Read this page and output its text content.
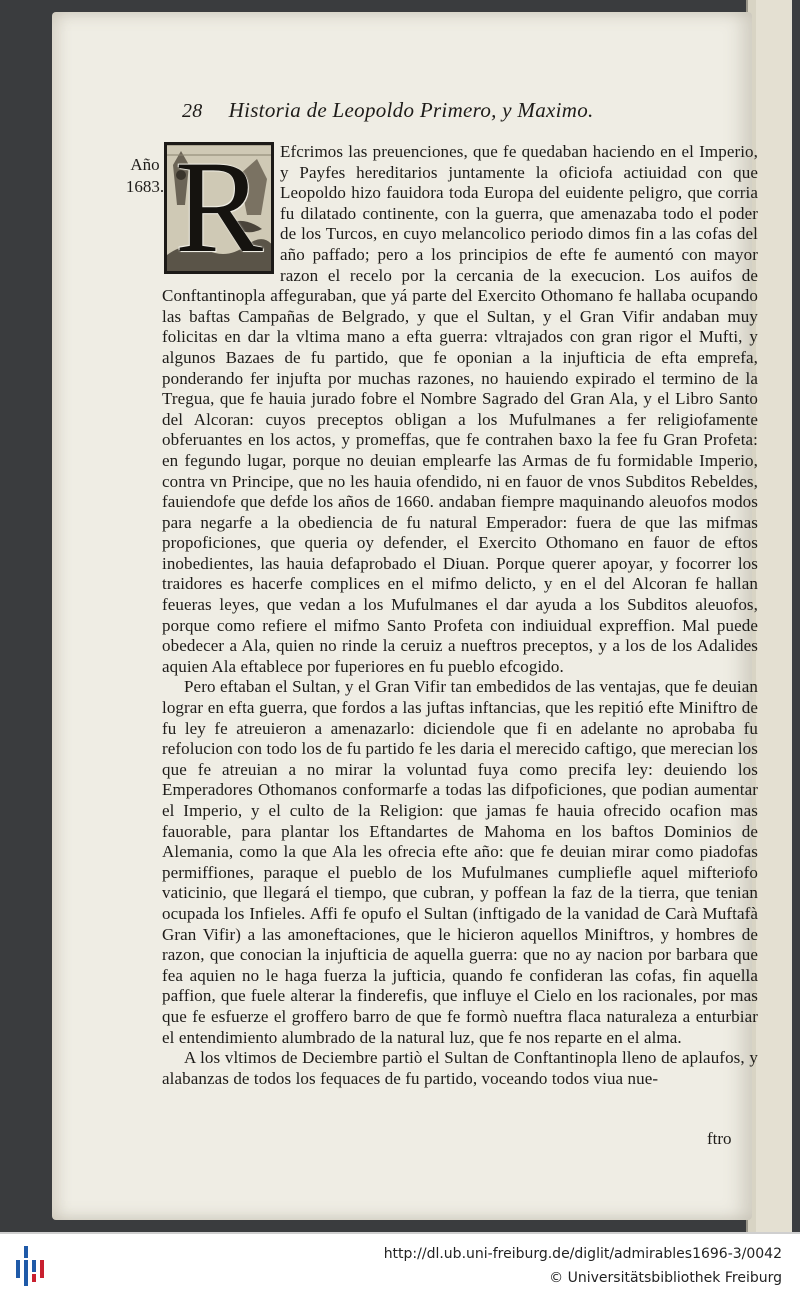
28 Historia de Leopoldo Primero, y Maximo.
Año
1683.

Efcrimos las preuenciones, que fe quedaban haciendo en el Imperio, y Payfes hereditarios juntamente la oficiofa actiuidad con que Leopoldo hizo fauidora toda Europa del euidente peligro, que corria fu dilatado continente, con la guerra, que amenazaba todo el poder de los Turcos, en cuyo melancolico periodo dimos fin a las cofas del año paffado; pero a los principios de efte fe aumentó con mayor razon el recelo por la cercania de la execucion. Los auifos de Conftantinopla affeguraban, que yá parte del Exercito Othomano fe hallaba ocupando las baftas Campañas de Belgrado, y que el Sultan, y el Gran Vifir andaban muy folicitas en dar la vltima mano a efta guerra: vltrajados con gran rigor el Mufti, y algunos Bazaes de fu partido, que fe oponian a la injufticia de efta emprefa, ponderando fer injufta por muchas razones, no hauiendo expirado el termino de la Tregua, que fe hauia jurado fobre el Nombre Sagrado del Gran Ala, y el Libro Santo del Alcoran: cuyos preceptos obligan a los Mufulmanes a fer religiofamente obferuantes en los actos, y promeffas, que fe contrahen baxo la fee fu Gran Profeta: en fegundo lugar, porque no deuian emplearfe las Armas de fu formidable Imperio, contra vn Principe, que no les hauia ofendido, ni en fauor de vnos Subditos Rebeldes, fauiendofe que defde los años de 1660. andaban fiempre maquinando aleuofos modos para negarfe a la obediencia de fu natural Emperador: fuera de que las mifmas propoficiones, que queria oy defender, el Exercito Othomano en fauor de eftos inobedientes, las hauia defaprobado el Diuan. Porque querer apoyar, y focorrer los traidores es hacerfe complices en el mifmo delicto, y en el del Alcoran fe hallan feueras leyes, que vedan a los Mufulmanes el dar ayuda a los Subditos aleuofos, porque como refiere el mifmo Santo Profeta con indiuidual expreffion. Mal puede obedecer a Ala, quien no rinde la ceruiz a nueftros preceptos, y a los de los Adalides aquien Ala eftablece por fuperiores en fu pueblo efcogido.

Pero eftaban el Sultan, y el Gran Vifir tan embedidos de las ventajas, que fe deuian lograr en efta guerra, que fordos a las juftas inftancias, que les repitió efte Miniftro de fu ley fe atreuieron a amenazarlo: diciendole que fi en adelante no aprobaba fu refolucion con todo los de fu partido fe les daria el merecido caftigo, que merecian los que fe atreuian a no mirar la voluntad fuya como precifa ley: deuiendo los Emperadores Othomanos conformarfe a todas las difpoficiones, que podian aumentar el Imperio, y el culto de la Religion: que jamas fe hauia ofrecido ocafion mas fauorable, para plantar los Eftandartes de Mahoma en los baftos Dominios de Alemania, como la que Ala les ofrecia efte año: que fe deuian mirar como piadofas permiffiones, paraque el pueblo de los Mufulmanes cumpliefle aquel mifteriofo vaticinio, que llegará el tiempo, que cubran, y poffean la faz de la tierra, que tenian ocupada los Infieles. Affi fe opufo el Sultan (inftigado de la vanidad de Carà Muftafà Gran Vifir) a las amoneftaciones, que le hicieron aquellos Miniftros, y hombres de razon, que conocian la injufticia de aquella guerra: que no ay nacion por barbara que fea aquien no le haga fuerza la jufticia, quando fe confideran las cofas, fin aquella paffion, que fuele alterar la finderefis, que influye el Cielo en los racionales, por mas que fe esfuerze el groffero barro de que fe formò nueftra flaca naturaleza a enturbiar el entendimiento alumbrado de la natural luz, que fe nos reparte en el alma.

A los vltimos de Deciembre partiò el Sultan de Conftantinopla lleno de aplaufos, y alabanzas de todos los fequaces de fu partido, voceando todos viua nue-

R
ftro
http://dl.ub.uni-freiburg.de/diglit/admirables1696-3/0042
© Universitätsbibliothek Freiburg
